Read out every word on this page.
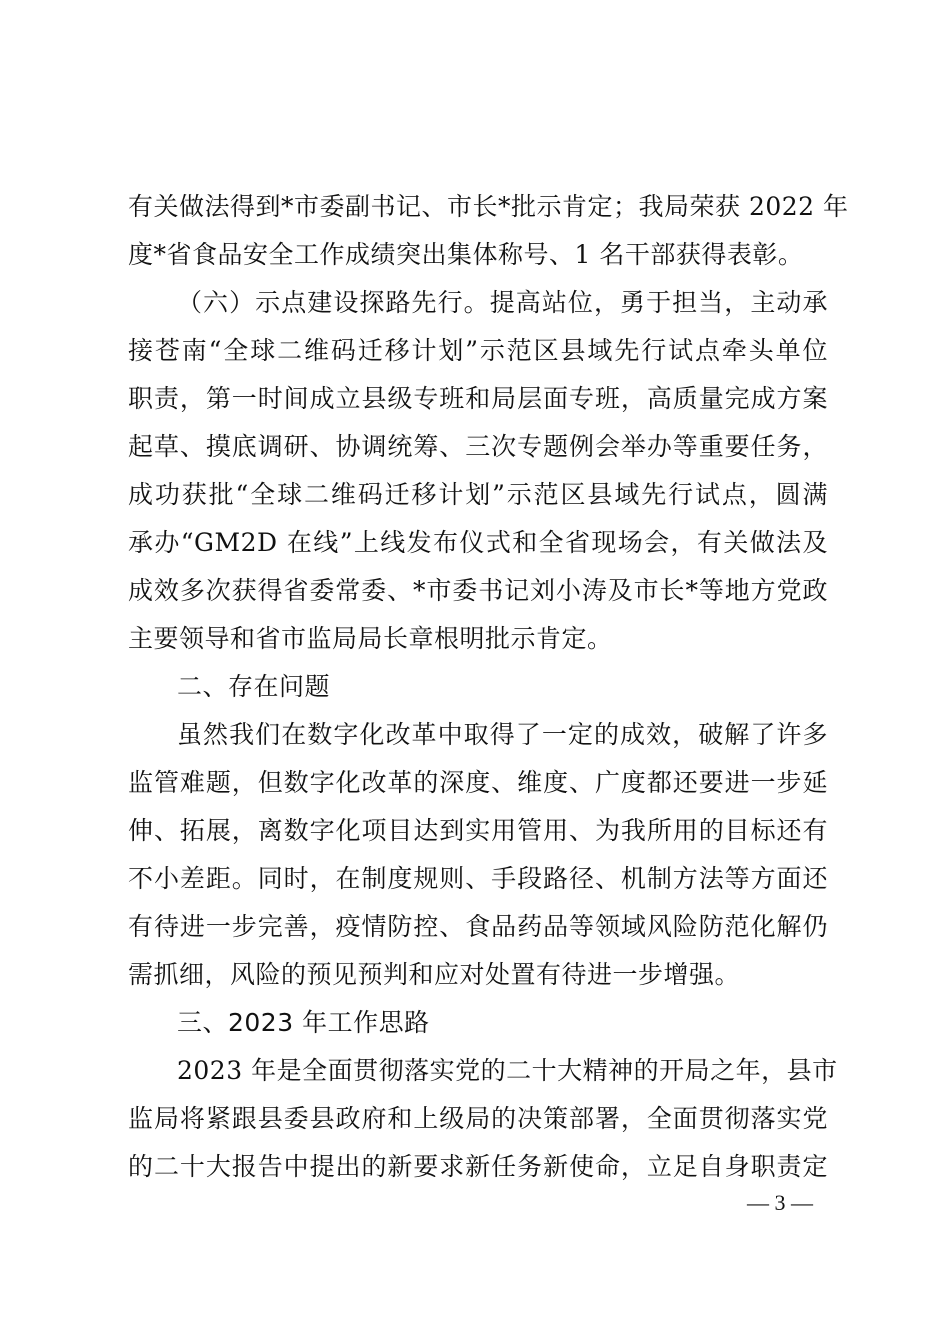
有关做法得到*市委副书记、市长*批示肯定；我局荣获 2022 年
度*省食品安全工作成绩突出集体称号、1 名干部获得表彰。
（六）示点建设探路先行。提高站位，勇于担当，主动承
接苍南“全球二维码迁移计划”示范区县域先行试点牵头单位
职责，第一时间成立县级专班和局层面专班，高质量完成方案
起草、摸底调研、协调统筹、三次专题例会举办等重要任务，
成功获批“全球二维码迁移计划”示范区县域先行试点，圆满
承办“GM2D 在线”上线发布仪式和全省现场会，有关做法及
成效多次获得省委常委、*市委书记刘小涛及市长*等地方党政
主要领导和省市监局局长章根明批示肯定。
二、存在问题
虽然我们在数字化改革中取得了一定的成效，破解了许多
监管难题，但数字化改革的深度、维度、广度都还要进一步延
伸、拓展，离数字化项目达到实用管用、为我所用的目标还有
不小差距。同时，在制度规则、手段路径、机制方法等方面还
有待进一步完善，疫情防控、食品药品等领域风险防范化解仍
需抓细，风险的预见预判和应对处置有待进一步增强。
三、2023 年工作思路
2023 年是全面贯彻落实党的二十大精神的开局之年，县市
监局将紧跟县委县政府和上级局的决策部署，全面贯彻落实党
的二十大报告中提出的新要求新任务新使命，立足自身职责定
— 3 —
